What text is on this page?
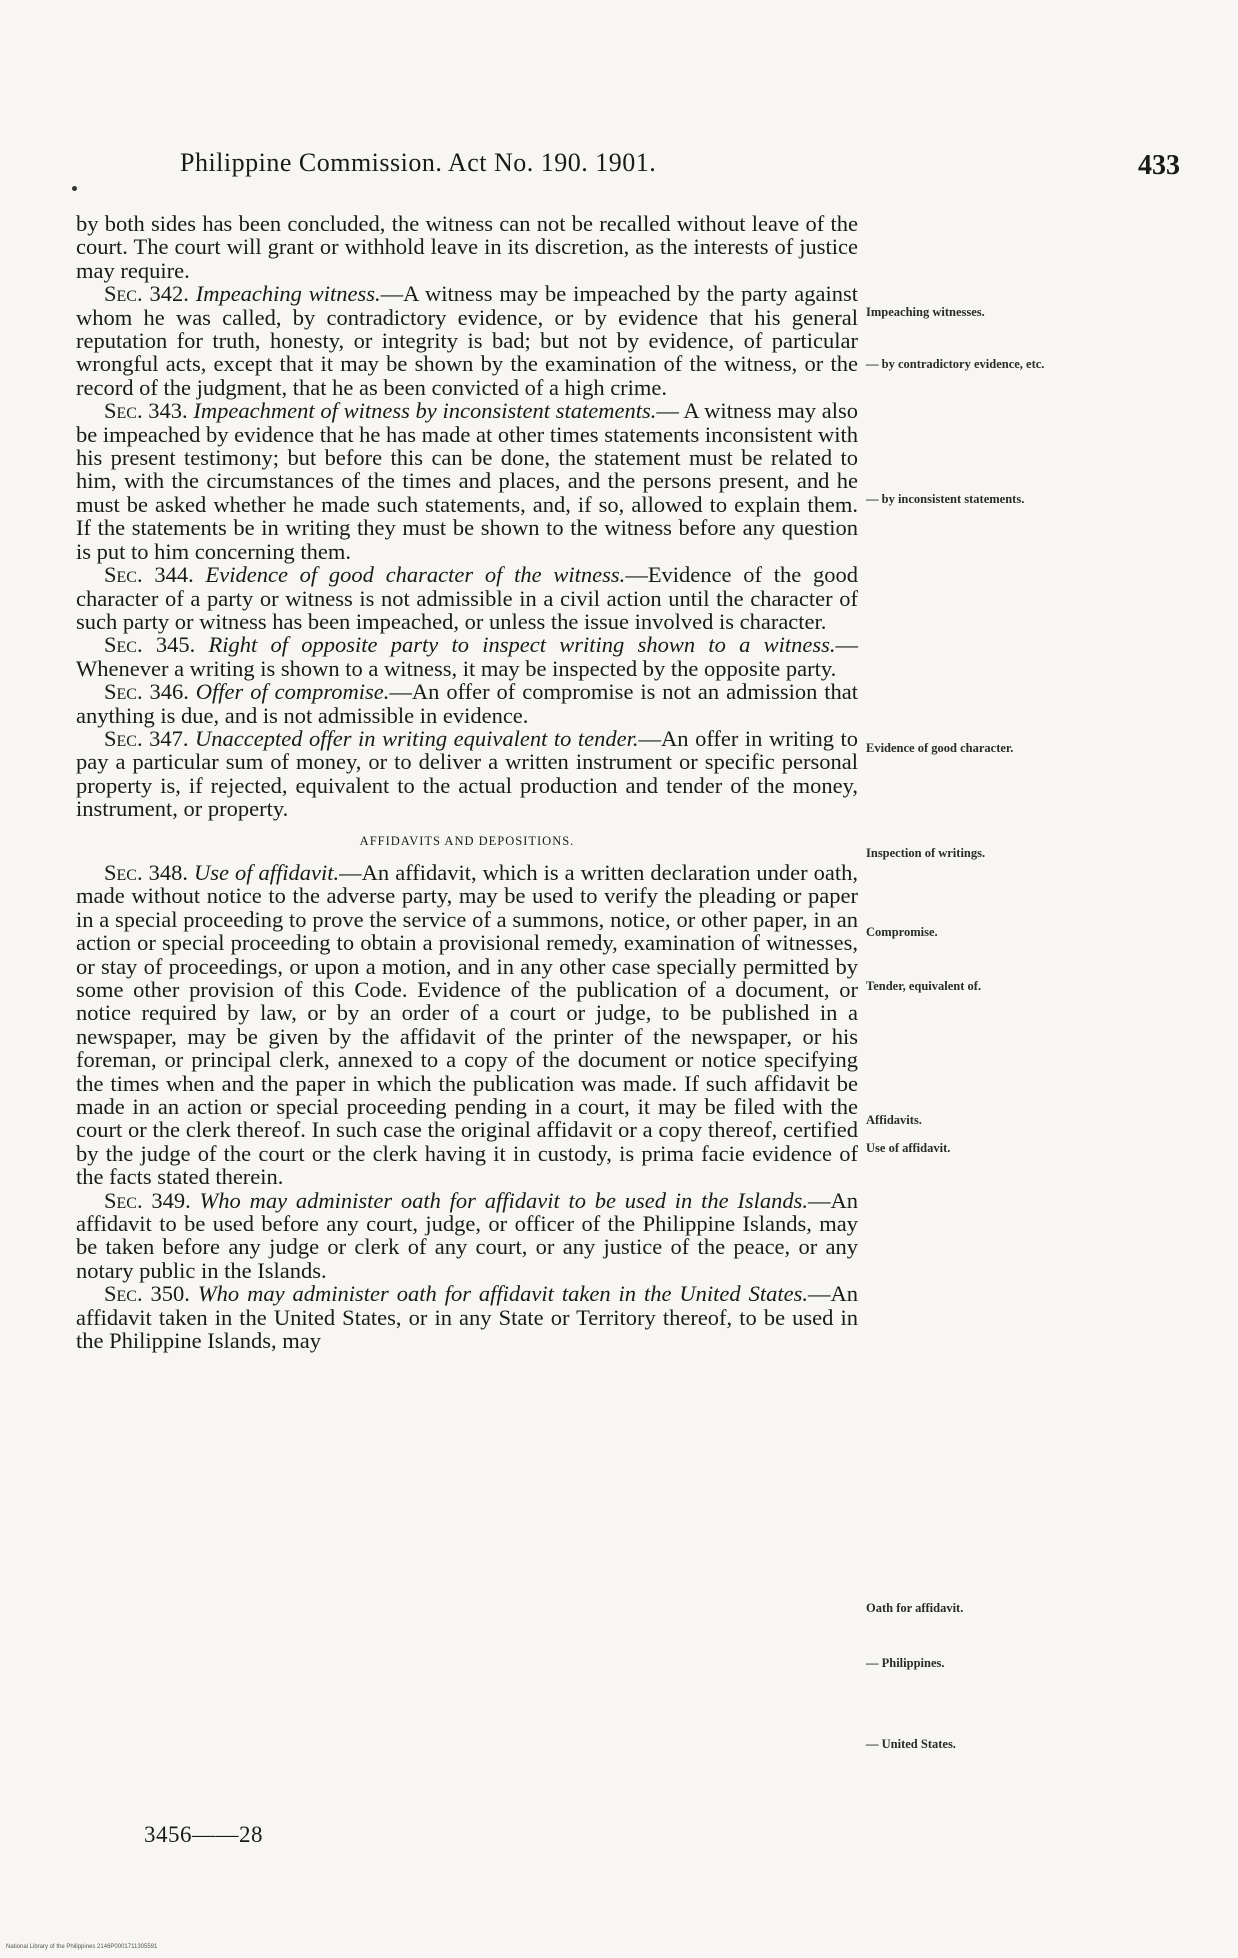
Philippine Commission. Act No. 190. 1901.	433

by both sides has been concluded, the witness can not be recalled without leave of the court. The court will grant or withhold leave in its discretion, as the interests of justice may require.

Sec. 342. Impeaching witness.—A witness may be impeached by the party against whom he was called, by contradictory evidence, or by evidence that his general reputation for truth, honesty, or integrity is bad; but not by evidence, of particular wrongful acts, except that it may be shown by the examination of the witness, or the record of the judgment, that he as been convicted of a high crime.

Sec. 343. Impeachment of witness by inconsistent statements.— A witness may also be impeached by evidence that he has made at other times statements inconsistent with his present testimony; but before this can be done, the statement must be related to him, with the circumstances of the times and places, and the persons present, and he must be asked whether he made such statements, and, if so, allowed to explain them. If the statements be in writing they must be shown to the witness before any question is put to him concerning them.

Sec. 344. Evidence of good character of the witness.—Evidence of the good character of a party or witness is not admissible in a civil action until the character of such party or witness has been impeached, or unless the issue involved is character.

Sec. 345. Right of opposite party to inspect writing shown to a witness.—Whenever a writing is shown to a witness, it may be inspected by the opposite party.

Sec. 346. Offer of compromise.—An offer of compromise is not an admission that anything is due, and is not admissible in evidence.

Sec. 347. Unaccepted offer in writing equivalent to tender.—An offer in writing to pay a particular sum of money, or to deliver a written instrument or specific personal property is, if rejected, equivalent to the actual production and tender of the money, instrument, or property.

AFFIDAVITS AND DEPOSITIONS.

Sec. 348. Use of affidavit.—An affidavit, which is a written declaration under oath, made without notice to the adverse party, may be used to verify the pleading or paper in a special proceeding to prove the service of a summons, notice, or other paper, in an action or special proceeding to obtain a provisional remedy, examination of witnesses, or stay of proceedings, or upon a motion, and in any other case specially permitted by some other provision of this Code. Evidence of the publication of a document, or notice required by law, or by an order of a court or judge, to be published in a newspaper, may be given by the affidavit of the printer of the newspaper, or his foreman, or principal clerk, annexed to a copy of the document or notice specifying the times when and the paper in which the publication was made. If such affidavit be made in an action or special proceeding pending in a court, it may be filed with the court or the clerk thereof. In such case the original affidavit or a copy thereof, certified by the judge of the court or the clerk having it in custody, is prima facie evidence of the facts stated therein.

Sec. 349. Who may administer oath for affidavit to be used in the Islands.—An affidavit to be used before any court, judge, or officer of the Philippine Islands, may be taken before any judge or clerk of any court, or any justice of the peace, or any notary public in the Islands.

Sec. 350. Who may administer oath for affidavit taken in the United States.—An affidavit taken in the United States, or in any State or Territory thereof, to be used in the Philippine Islands, may

Impeaching witnesses.
— by contradictory evidence, etc.
— by inconsistent statements.
Evidence of good character.
Inspection of writings.
Compromise.
Tender, equivalent of.
Affidavits.
Use of affidavit.
Oath for affidavit.
— Philippines.
— United States.
3456——28
National Library of the Philippines 2146P0001711305591
